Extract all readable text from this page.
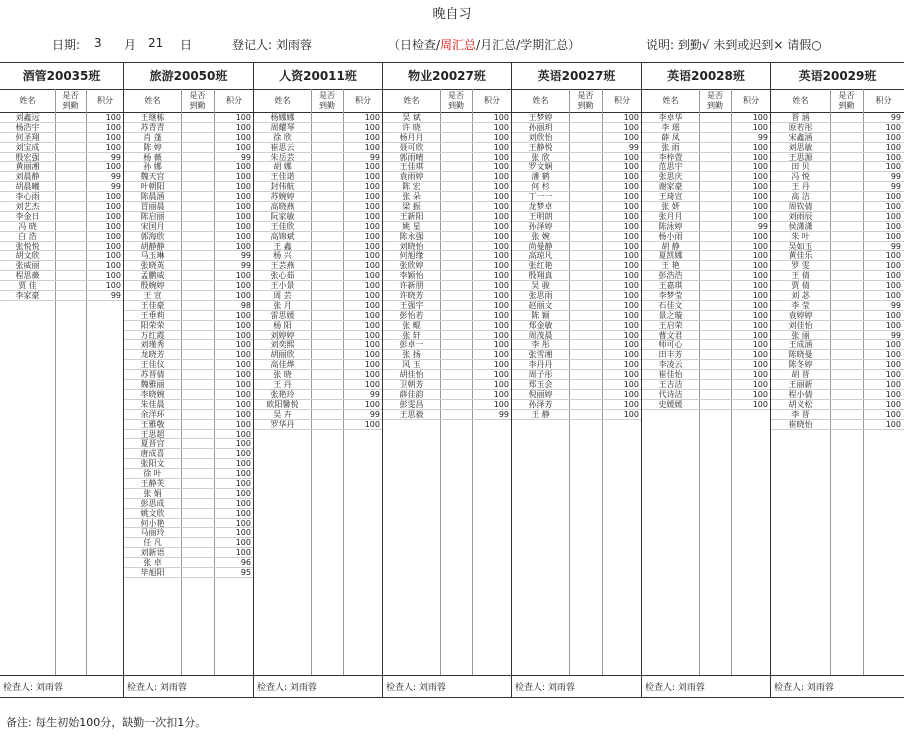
晚自习
日期: 3 月 21 日	登记人: 刘雨蓉	（日检查/周汇总/月汇总/学期汇总）	说明: 到勤√ 未到或迟到× 请假○
酒管20035班
姓名
是否
到勤
积分
刘鑫远	100
杨浩宇	100
何圣翔	100
刘宝成	100
殷宏强	99
黄丽湘	100
刘晨静	99
胡晨曦	99
李心雨	100
刘艺杰	100
李金日	100
冯 晓	100
白 浩	100
张悦悦	100
胡文欣	100
张威丽	100
程思薇	100
贾 佳	100
李家豪	99
检查人: 刘雨蓉
旅游20050班
姓名
是否
到勤
积分
王继栋	100
苏青青	100
肖 蓬	100
陈 婷	100
杨 薇	99
孙 娜	100
魏天宫	100
叶朝阳	100
陈晨涵	100
冒丽晨	100
陈启丽	100
宋国月	100
郭海欣	100
胡静静	100
马玉琳	99
张晓英	99
孟鹏威	100
殷婉婷	100
王 宣	100
王佳豪	98
王垂莉	100
阳荣荣	100
万红霞	100
刘瑾秀	100
龙晓芳	100
王佳仪	100
苏晋倩	100
魏雅丽	100
李晓婉	100
朱佳晨	100
余洋环	100
王雅敬	100
王思超	100
夏晋宫	100
唐成喜	100
张阳文	100
徐 叶	100
王静芙	100
张 娟	100
彭思成	100
姚文欣	100
何小艳	100
马丽玲	100
任 凡	100
刘新语	100
张 卓	96
毕旭阳	95
检查人: 刘雨蓉
人资20011班
姓名
是否
到勤
积分
杨娜娜	100
周耀琴	100
徐 欣	100
崔思云	100
朱岳芸	99
胡 娜	100
王佳诺	100
封伟航	100
苏婉婷	100
高晓燕	100
阮家敏	100
王佳欣	100
高锦斌	100
王 鑫	100
杨 兴	100
王芸燕	100
张心茹	100
王小景	100
周 芸	100
张 月	100
雷思媛	100
杨 阳	100
刘婷婷	100
刘奕熙	100
胡丽欣	100
高佳烨	100
张 晓	100
王 丹	100
张艳玲	99
欧阳馨悦	100
吴 卉	99
罗华丹	100
检查人: 刘雨蓉
物业20027班
姓名
是否
到勤
积分
吴 斌	100
许 晓	100
杨月月	100
聂可欣	100
郭雨晴	100
王佳琪	100
袁雨婷	100
陈 宏	100
张 朵	100
梁 振	100
王新阳	100
姚 星	100
陈永强	100
刘晓怡	100
何旭缘	100
张欣婷	100
李颖怡	100
许新朋	100
许晓芳	100
王强宇	100
彭怡若	100
张 鲲	100
张 轩	100
彭卓一	100
张 扬	100
风 玉	100
胡佳怡	100
卫朝芳	100
薛佳韵	100
彭雯昌	100
王思毅	99
检查人: 刘雨蓉
英语20027班
姓名
是否
到勤
积分
王梦婷	100
孙丽玥	100
刘欣怡	100
王静悦	99
张 欣	100
罗文娴	100
潘 鹤	100
何 杉	100
丁一一	100
龙梦卓	100
王明朗	100
孙泽婷	100
张 婉	100
尚曼静	100
高琼凡	100
张红艳	100
殷翔真	100
吴 骏	100
张思雨	100
赵丽文	100
陈 颖	100
郑金敏	100
周茂晨	100
李 彤	100
张雪湘	100
李丹丹	100
周子彤	100
郑玉会	100
倪丽婷	100
孙泽芳	100
王 静	100
检查人: 刘雨蓉
英语20028班
姓名
是否
到勤
积分
李卓华	100
李 瑶	100
薛 凤	99
张 雨	100
李梓萱	100
范思宇	100
张思庆	100
谢家豪	100
王琦宣	100
张 妍	100
张月月	100
陈泳婷	99
杨小雨	100
胡 静	100
夏凯娜	100
王 艳	100
彭浩浩	100
王嘉琪	100
李梦莹	100
石佳文	100
景之璇	100
王启荣	100
曹文君	100
师可心	100
田丰芳	100
李凌云	100
崔佳怡	100
王吉洁	100
代诗洁	100
史媛媛	100
检查人: 刘雨蓉
英语20029班
姓名
是否
到勤
积分
晋 涵	99
原若彤	100
宋鑫涵	100
刘思敏	100
王思源	100
田 贝	100
冯 悦	99
王 丹	99
高 洁	100
周钦倩	100
刘雨辰	100
侯潇潇	100
朱 叶	100
吴如玉	99
黄佳乐	100
罗 雯	100
王 倩	100
贾 倩	100
刘 苾	100
李 莹	99
袁婷婷	100
刘佳怡	100
张 丽	99
王成涵	100
陈晓曼	100
陈冬婷	100
胡 晋	100
王丽新	100
程小倩	100
胡义松	100
李 晋	100
崔晓怡	100
检查人: 刘雨蓉
备注: 每生初始100分，缺勤一次扣1分。
